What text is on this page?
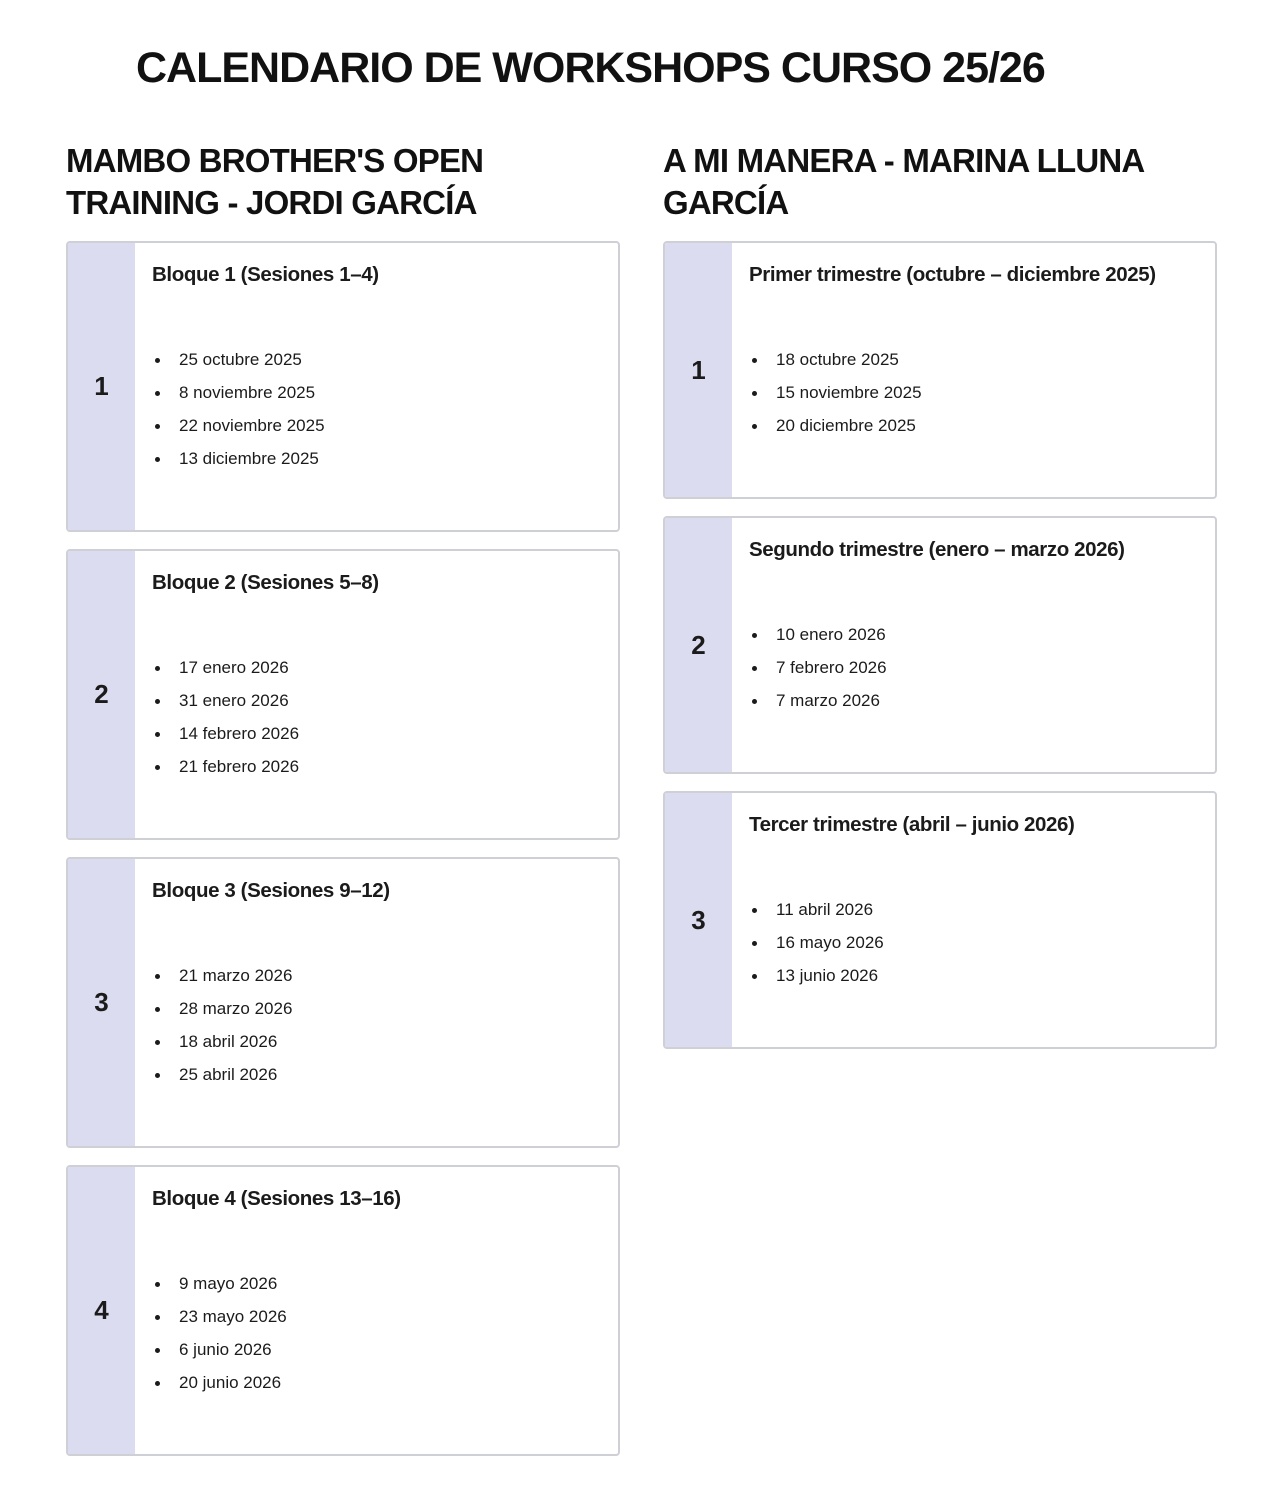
CALENDARIO DE WORKSHOPS CURSO 25/26
MAMBO BROTHER'S OPEN TRAINING - JORDI GARCÍA
1
Bloque 1 (Sesiones 1–4)
25 octubre 2025
8 noviembre 2025
22 noviembre 2025
13 diciembre 2025
2
Bloque 2 (Sesiones 5–8)
17 enero 2026
31 enero 2026
14 febrero 2026
21 febrero 2026
3
Bloque 3 (Sesiones 9–12)
21 marzo 2026
28 marzo 2026
18 abril 2026
25 abril 2026
4
Bloque 4 (Sesiones 13–16)
9 mayo 2026
23 mayo 2026
6 junio 2026
20 junio 2026
A MI MANERA - MARINA LLUNA GARCÍA
1
Primer trimestre (octubre – diciembre 2025)
18 octubre 2025
15 noviembre 2025
20 diciembre 2025
2
Segundo trimestre (enero – marzo 2026)
10 enero 2026
7 febrero 2026
7 marzo 2026
3
Tercer trimestre (abril – junio 2026)
11 abril 2026
16 mayo 2026
13 junio 2026
